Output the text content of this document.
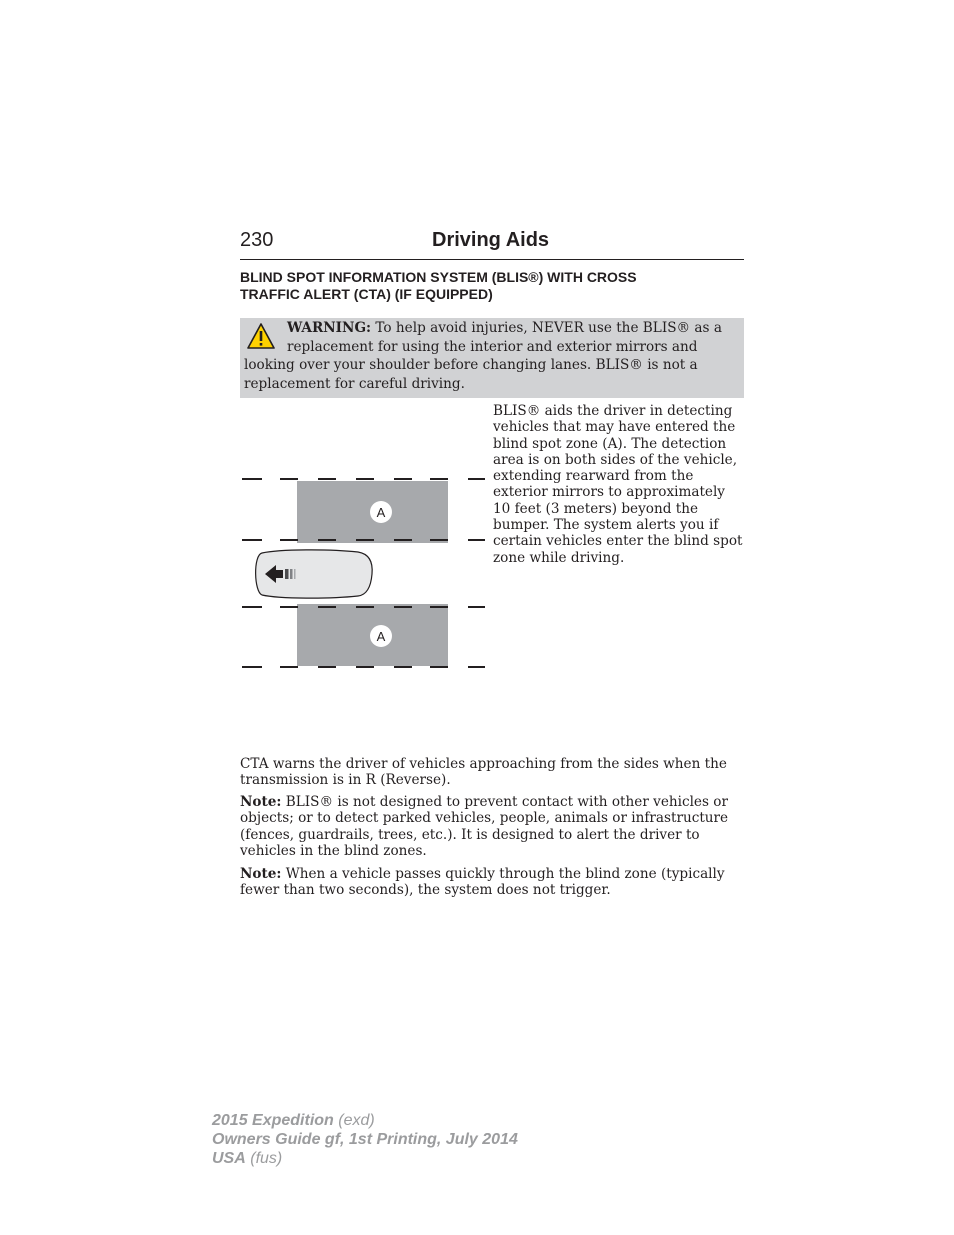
230	Driving Aids
BLIND SPOT INFORMATION SYSTEM (BLIS®) WITH CROSS
TRAFFIC ALERT (CTA) (IF EQUIPPED)
WARNING: To help avoid injuries, NEVER use the BLIS® as a
replacement for using the interior and exterior mirrors and
looking over your shoulder before changing lanes. BLIS® is not a
replacement for careful driving.
A
A
BLIS® aids the driver in detecting
vehicles that may have entered the
blind spot zone (A). The detection
area is on both sides of the vehicle,
extending rearward from the
exterior mirrors to approximately
10 feet (3 meters) beyond the
bumper. The system alerts you if
certain vehicles enter the blind spot
zone while driving.
CTA warns the driver of vehicles approaching from the sides when the
transmission is in R (Reverse).
Note: BLIS® is not designed to prevent contact with other vehicles or
objects; or to detect parked vehicles, people, animals or infrastructure
(fences, guardrails, trees, etc.). It is designed to alert the driver to
vehicles in the blind zones.
Note: When a vehicle passes quickly through the blind zone (typically
fewer than two seconds), the system does not trigger.
2015 Expedition (exd)
Owners Guide gf, 1st Printing, July 2014
USA (fus)
